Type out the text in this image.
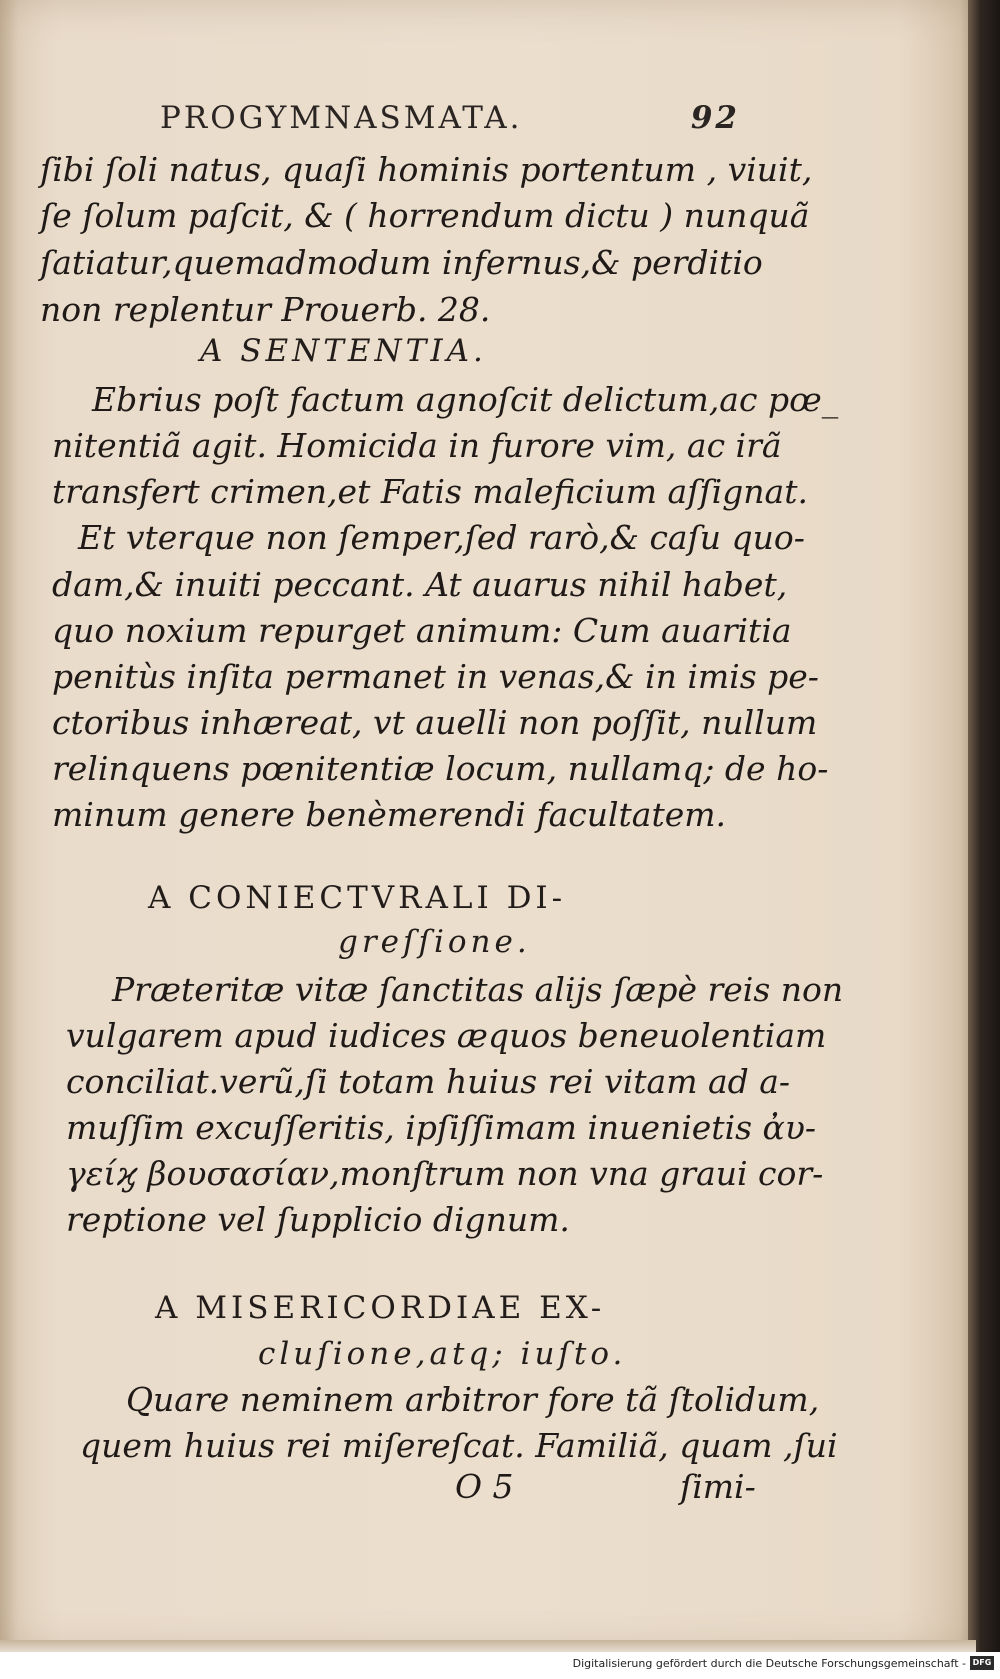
PROGYMNASMATA.	92
ſibi ſoli natus, quaſi hominis portentum , viuit,
ſe ſolum paſcit, & ( horrendum dictu ) nunquã
ſatiatur,quemadmodum infernus,& perditio
non replentur Prouerb. 28.
A SENTENTIA.
Ebrius poſt factum agnoſcit delictum,ac pœ_
nitentiã agit. Homicida in furore vim, ac irã
transfert crimen,et Fatis maleficium aſſignat.
Et vterque non ſemper,ſed rarò,& caſu quo-
dam,& inuiti peccant. At auarus nihil habet,
quo noxium repurget animum: Cum auaritia
penitùs inſita permanet in venas,& in imis pe-
ctoribus inhæreat, vt auelli non poſſit, nullum
relinquens pœnitentiæ locum, nullamq; de ho-
minum genere benèmerendi facultatem.
A CONIECTVRALI DI-
greſſione.
Præteritæ vitæ ſanctitas alijs ſæpè reis non
vulgarem apud iudices æquos beneuolentiam
conciliat.verũ,ſi totam huius rei vitam ad a-
muſſim excuſſeritis, ipſiſſimam inuenietis ἀυ-
γείϗ βουσασίαν,monſtrum non vna graui cor-
reptione vel ſupplicio dignum.
A MISERICORDIAE EX-
cluſione,atq; iuſto.
Quare neminem arbitror fore tã ſtolidum,
quem huius rei miſereſcat. Familiã, quam ,ſui
O 5	ſimi-
Digitalisierung gefördert durch die Deutsche Forschungsgemeinschaft - DFG
